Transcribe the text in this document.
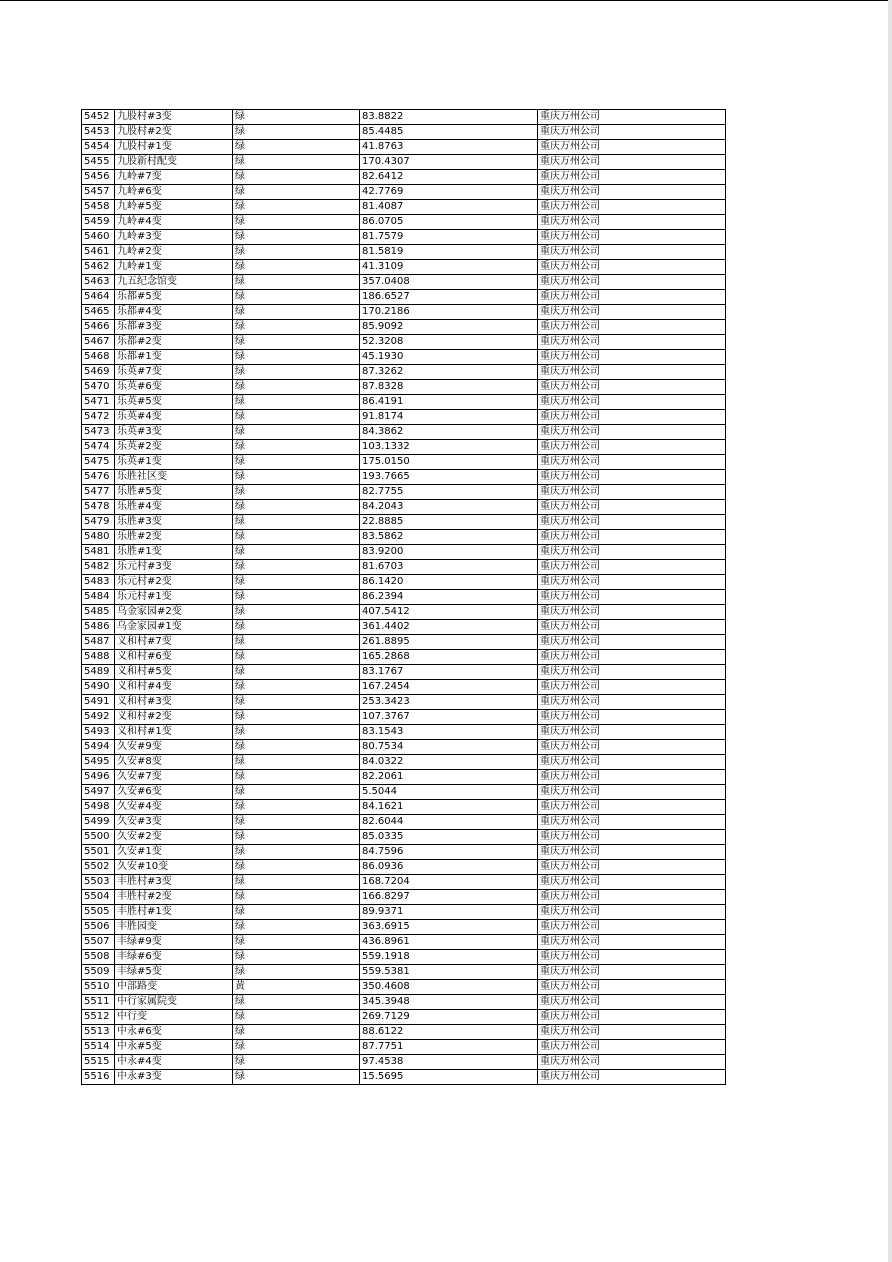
5452	九股村#3变	绿	83.8822	重庆万州公司
5453	九股村#2变	绿	85.4485	重庆万州公司
5454	九股村#1变	绿	41.8763	重庆万州公司
5455	九股新村配变	绿	170.4307	重庆万州公司
5456	九岭#7变	绿	82.6412	重庆万州公司
5457	九岭#6变	绿	42.7769	重庆万州公司
5458	九岭#5变	绿	81.4087	重庆万州公司
5459	九岭#4变	绿	86.0705	重庆万州公司
5460	九岭#3变	绿	81.7579	重庆万州公司
5461	九岭#2变	绿	81.5819	重庆万州公司
5462	九岭#1变	绿	41.3109	重庆万州公司
5463	九五纪念馆变	绿	357.0408	重庆万州公司
5464	乐都#5变	绿	186.6527	重庆万州公司
5465	乐都#4变	绿	170.2186	重庆万州公司
5466	乐都#3变	绿	85.9092	重庆万州公司
5467	乐都#2变	绿	52.3208	重庆万州公司
5468	乐都#1变	绿	45.1930	重庆万州公司
5469	乐英#7变	绿	87.3262	重庆万州公司
5470	乐英#6变	绿	87.8328	重庆万州公司
5471	乐英#5变	绿	86.4191	重庆万州公司
5472	乐英#4变	绿	91.8174	重庆万州公司
5473	乐英#3变	绿	84.3862	重庆万州公司
5474	乐英#2变	绿	103.1332	重庆万州公司
5475	乐英#1变	绿	175.0150	重庆万州公司
5476	乐胜社区变	绿	193.7665	重庆万州公司
5477	乐胜#5变	绿	82.7755	重庆万州公司
5478	乐胜#4变	绿	84.2043	重庆万州公司
5479	乐胜#3变	绿	22.8885	重庆万州公司
5480	乐胜#2变	绿	83.5862	重庆万州公司
5481	乐胜#1变	绿	83.9200	重庆万州公司
5482	乐元村#3变	绿	81.6703	重庆万州公司
5483	乐元村#2变	绿	86.1420	重庆万州公司
5484	乐元村#1变	绿	86.2394	重庆万州公司
5485	乌金家园#2变	绿	407.5412	重庆万州公司
5486	乌金家园#1变	绿	361.4402	重庆万州公司
5487	义和村#7变	绿	261.8895	重庆万州公司
5488	义和村#6变	绿	165.2868	重庆万州公司
5489	义和村#5变	绿	83.1767	重庆万州公司
5490	义和村#4变	绿	167.2454	重庆万州公司
5491	义和村#3变	绿	253.3423	重庆万州公司
5492	义和村#2变	绿	107.3767	重庆万州公司
5493	义和村#1变	绿	83.1543	重庆万州公司
5494	久安#9变	绿	80.7534	重庆万州公司
5495	久安#8变	绿	84.0322	重庆万州公司
5496	久安#7变	绿	82.2061	重庆万州公司
5497	久安#6变	绿	5.5044	重庆万州公司
5498	久安#4变	绿	84.1621	重庆万州公司
5499	久安#3变	绿	82.6044	重庆万州公司
5500	久安#2变	绿	85.0335	重庆万州公司
5501	久安#1变	绿	84.7596	重庆万州公司
5502	久安#10变	绿	86.0936	重庆万州公司
5503	丰胜村#3变	绿	168.7204	重庆万州公司
5504	丰胜村#2变	绿	166.8297	重庆万州公司
5505	丰胜村#1变	绿	89.9371	重庆万州公司
5506	丰胜园变	绿	363.6915	重庆万州公司
5507	丰绿#9变	绿	436.8961	重庆万州公司
5508	丰绿#6变	绿	559.1918	重庆万州公司
5509	丰绿#5变	绿	559.5381	重庆万州公司
5510	中部路变	黄	350.4608	重庆万州公司
5511	中行家属院变	绿	345.3948	重庆万州公司
5512	中行变	绿	269.7129	重庆万州公司
5513	中永#6变	绿	88.6122	重庆万州公司
5514	中永#5变	绿	87.7751	重庆万州公司
5515	中永#4变	绿	97.4538	重庆万州公司
5516	中永#3变	绿	15.5695	重庆万州公司
